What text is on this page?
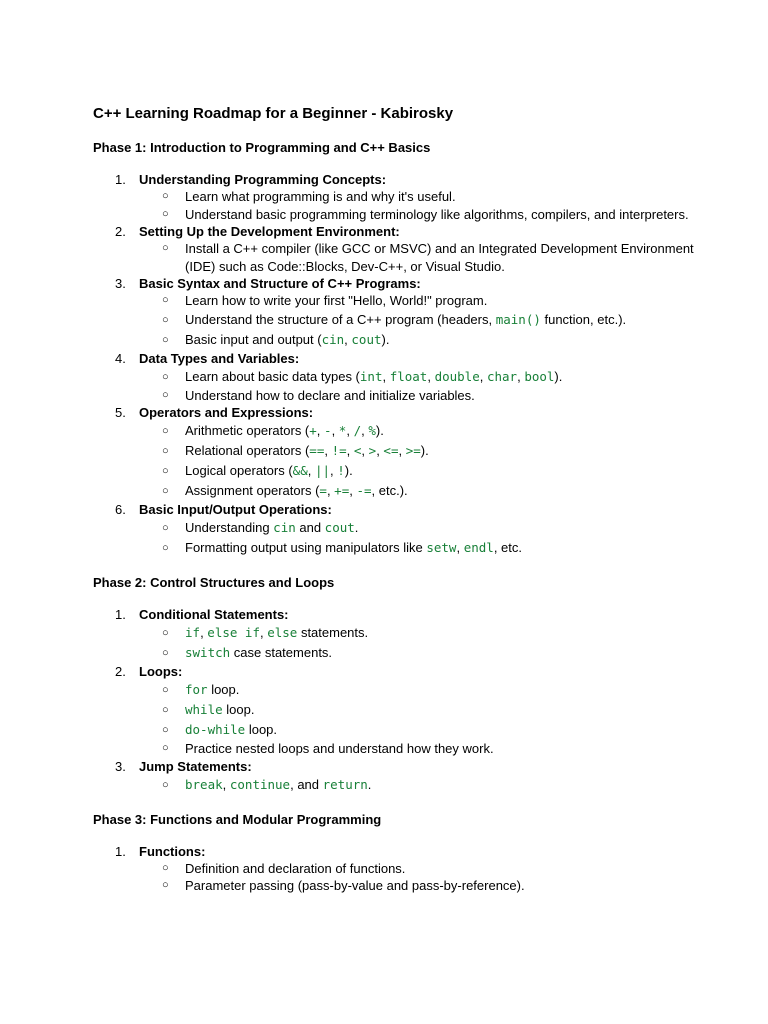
C++ Learning Roadmap for a Beginner - Kabirosky
Phase 1: Introduction to Programming and C++ Basics
1. Understanding Programming Concepts:
○ Learn what programming is and why it's useful.
○ Understand basic programming terminology like algorithms, compilers, and interpreters.
2. Setting Up the Development Environment:
○ Install a C++ compiler (like GCC or MSVC) and an Integrated Development Environment (IDE) such as Code::Blocks, Dev-C++, or Visual Studio.
3. Basic Syntax and Structure of C++ Programs:
○ Learn how to write your first "Hello, World!" program.
○ Understand the structure of a C++ program (headers, main() function, etc.).
○ Basic input and output (cin, cout).
4. Data Types and Variables:
○ Learn about basic data types (int, float, double, char, bool).
○ Understand how to declare and initialize variables.
5. Operators and Expressions:
○ Arithmetic operators (+, -, *, /, %).
○ Relational operators (==, !=, <, >, <=, >=).
○ Logical operators (&&, ||, !).
○ Assignment operators (=, +=, -=, etc.).
6. Basic Input/Output Operations:
○ Understanding cin and cout.
○ Formatting output using manipulators like setw, endl, etc.
Phase 2: Control Structures and Loops
1. Conditional Statements:
○ if, else if, else statements.
○ switch case statements.
2. Loops:
○ for loop.
○ while loop.
○ do-while loop.
○ Practice nested loops and understand how they work.
3. Jump Statements:
○ break, continue, and return.
Phase 3: Functions and Modular Programming
1. Functions:
○ Definition and declaration of functions.
○ Parameter passing (pass-by-value and pass-by-reference).
